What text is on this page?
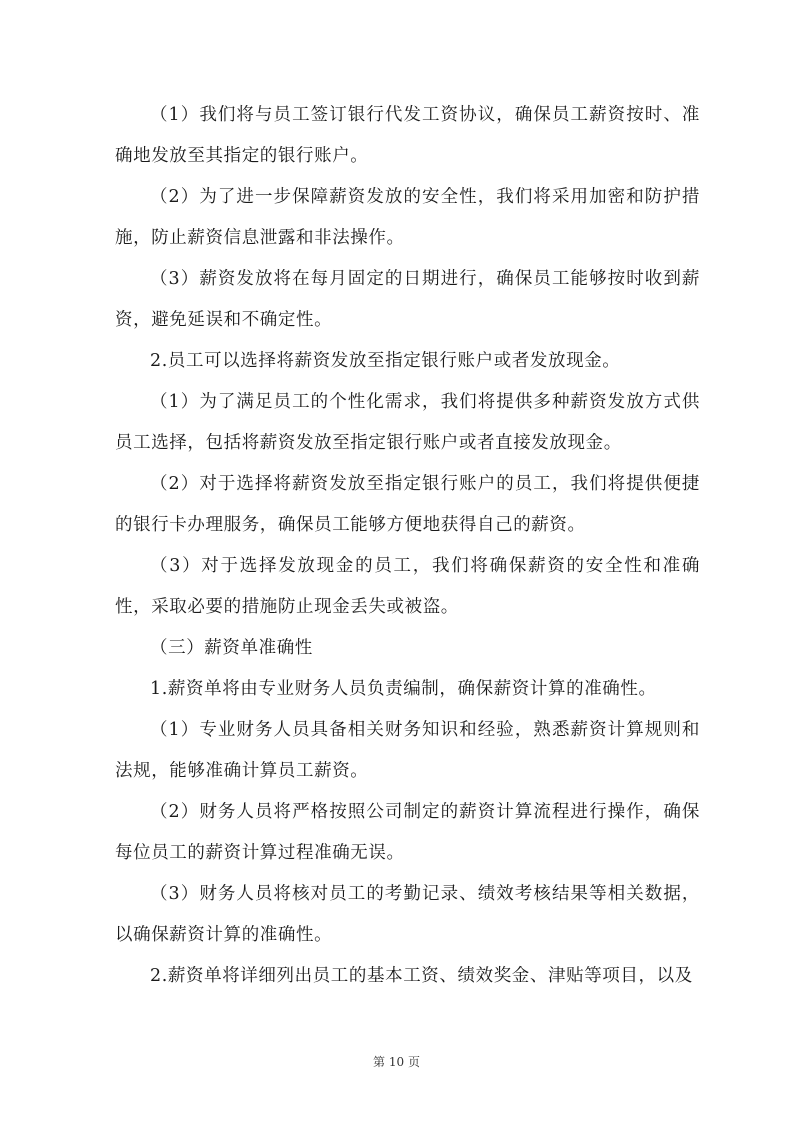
（1）我们将与员工签订银行代发工资协议，确保员工薪资按时、准确地发放至其指定的银行账户。

（2）为了进一步保障薪资发放的安全性，我们将采用加密和防护措施，防止薪资信息泄露和非法操作。

（3）薪资发放将在每月固定的日期进行，确保员工能够按时收到薪资，避免延误和不确定性。

2.员工可以选择将薪资发放至指定银行账户或者发放现金。

（1）为了满足员工的个性化需求，我们将提供多种薪资发放方式供员工选择，包括将薪资发放至指定银行账户或者直接发放现金。

（2）对于选择将薪资发放至指定银行账户的员工，我们将提供便捷的银行卡办理服务，确保员工能够方便地获得自己的薪资。

（3）对于选择发放现金的员工，我们将确保薪资的安全性和准确性，采取必要的措施防止现金丢失或被盗。

（三）薪资单准确性

1.薪资单将由专业财务人员负责编制，确保薪资计算的准确性。

（1）专业财务人员具备相关财务知识和经验，熟悉薪资计算规则和法规，能够准确计算员工薪资。

（2）财务人员将严格按照公司制定的薪资计算流程进行操作，确保每位员工的薪资计算过程准确无误。

（3）财务人员将核对员工的考勤记录、绩效考核结果等相关数据，以确保薪资计算的准确性。

2.薪资单将详细列出员工的基本工资、绩效奖金、津贴等项目，以及

第 10 页
